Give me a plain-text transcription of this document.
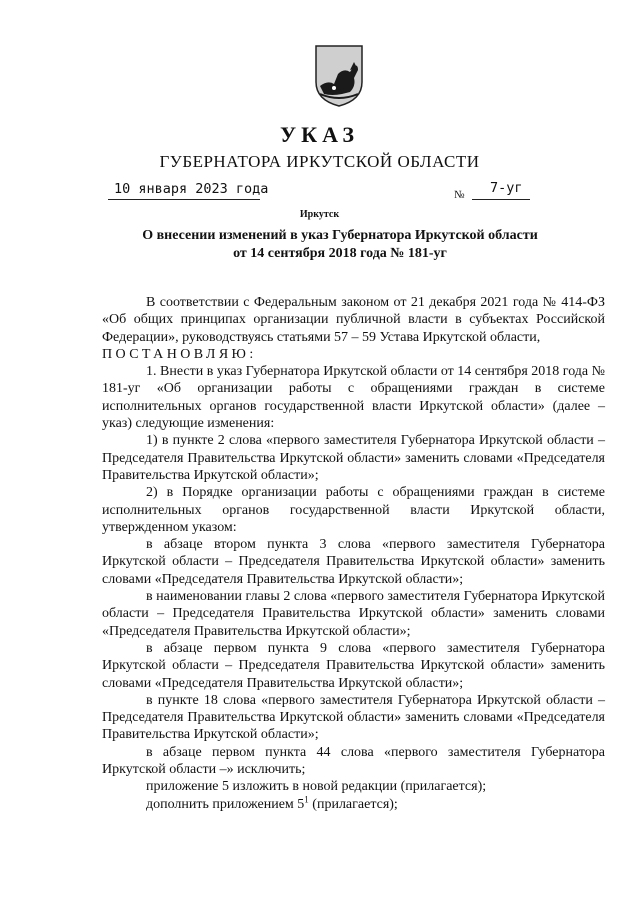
УКАЗ
ГУБЕРНАТОРА ИРКУТСКОЙ ОБЛАСТИ
10 января 2023 года	№ 7-уг
Иркутск
О внесении изменений в указ Губернатора Иркутской области
от 14 сентября 2018 года № 181-уг

В соответствии с Федеральным законом от 21 декабря 2021 года № 414-ФЗ «Об общих принципах организации публичной власти в субъектах Российской Федерации», руководствуясь статьями 57 – 59 Устава Иркутской области,

ПОСТАНОВЛЯЮ:

1. Внести в указ Губернатора Иркутской области от 14 сентября 2018 года № 181-уг «Об организации работы с обращениями граждан в системе исполнительных органов государственной власти Иркутской области» (далее – указ) следующие изменения:

1) в пункте 2 слова «первого заместителя Губернатора Иркутской области – Председателя Правительства Иркутской области» заменить словами «Председателя Правительства Иркутской области»;

2) в Порядке организации работы с обращениями граждан в системе исполнительных органов государственной власти Иркутской области, утвержденном указом:

в абзаце втором пункта 3 слова «первого заместителя Губернатора Иркутской области – Председателя Правительства Иркутской области» заменить словами «Председателя Правительства Иркутской области»;

в наименовании главы 2 слова «первого заместителя Губернатора Иркутской области – Председателя Правительства Иркутской области» заменить словами «Председателя Правительства Иркутской области»;

в абзаце первом пункта 9 слова «первого заместителя Губернатора Иркутской области – Председателя Правительства Иркутской области» заменить словами «Председателя Правительства Иркутской области»;

в пункте 18 слова «первого заместителя Губернатора Иркутской области – Председателя Правительства Иркутской области» заменить словами «Председателя Правительства Иркутской области»;

в абзаце первом пункта 44 слова «первого заместителя Губернатора Иркутской области –» исключить;

приложение 5 изложить в новой редакции (прилагается);

дополнить приложением $5^1$ (прилагается);
